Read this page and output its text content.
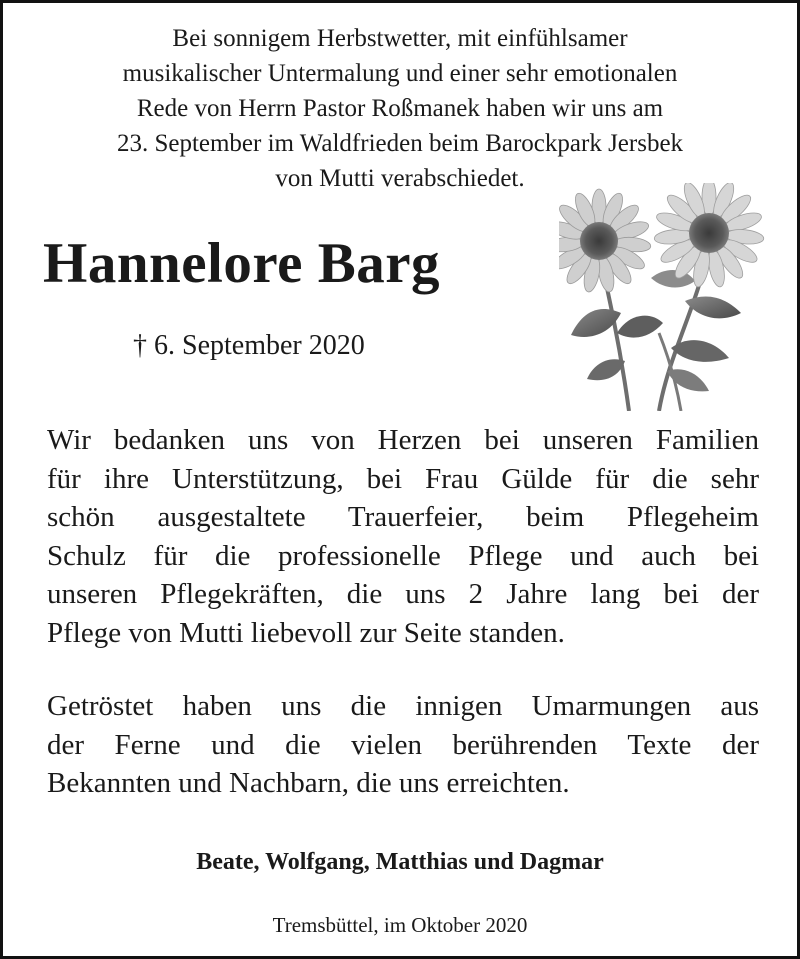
Bei sonnigem Herbstwetter, mit einfühlsamer
musikalischer Untermalung und einer sehr emotionalen
Rede von Herrn Pastor Roßmanek haben wir uns am
23. September im Waldfrieden beim Barockpark Jersbek
von Mutti verabschiedet.
Hannelore Barg
† 6. September 2020
Wir bedanken uns von Herzen bei unseren Familien
für ihre Unterstützung, bei Frau Gülde für die sehr
schön ausgestaltete Trauerfeier, beim Pflegeheim
Schulz für die professionelle Pflege und auch bei
unseren Pflegekräften, die uns 2 Jahre lang bei der
Pflege von Mutti liebevoll zur Seite standen.
Getröstet haben uns die innigen Umarmungen aus
der Ferne und die vielen berührenden Texte der
Bekannten und Nachbarn, die uns erreichten.
Beate, Wolfgang, Matthias und Dagmar
Tremsbüttel, im Oktober 2020
